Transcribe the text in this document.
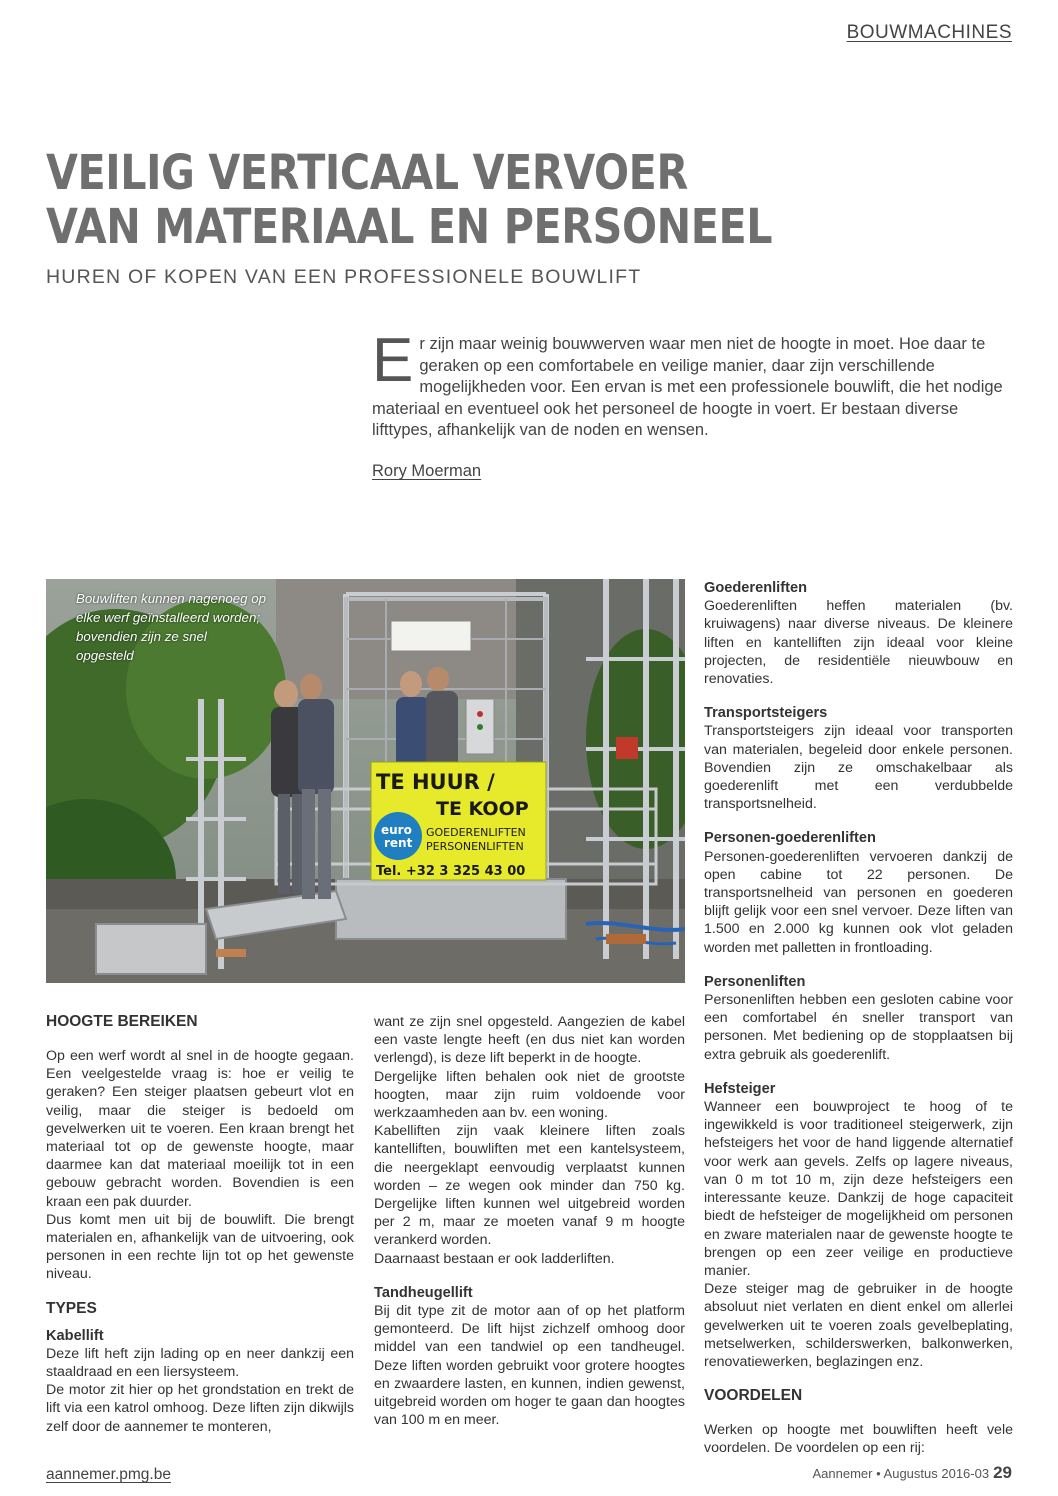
BOUWMACHINES
VEILIG VERTICAAL VERVOER
VAN MATERIAAL EN PERSONEEL
HUREN OF KOPEN VAN EEN PROFESSIONELE BOUWLIFT

Er zijn maar weinig bouwwerven waar men niet de hoogte in moet. Hoe daar te geraken op een comfortabele en veilige manier, daar zijn verschillende mogelijkheden voor. Een ervan is met een professionele bouwlift, die het nodige materiaal en eventueel ook het personeel de hoogte in voert. Er bestaan diverse lifttypes, afhankelijk van de noden en wensen.

Rory Moerman
TE HUUR /
TE KOOP
euro
rent
GOEDERENLIFTEN
PERSONENLIFTEN
Tel. +32 3 325 43 00
Bouwliften kunnen nagenoeg op elke werf geïnstalleerd worden; bovendien zijn ze snel opgesteld
HOOGTE BEREIKEN

Op een werf wordt al snel in de hoogte gegaan. Een veelgestelde vraag is: hoe er veilig te geraken? Een steiger plaatsen gebeurt vlot en veilig, maar die steiger is bedoeld om gevelwerken uit te voeren. Een kraan brengt het materiaal tot op de gewenste hoogte, maar daarmee kan dat materiaal moeilijk tot in een gebouw gebracht worden. Bovendien is een kraan een pak duurder.

Dus komt men uit bij de bouwlift. Die brengt materialen en, afhankelijk van de uitvoering, ook personen in een rechte lijn tot op het gewenste niveau.

TYPES
Kabellift

Deze lift heft zijn lading op en neer dankzij een staaldraad en een liersysteem.

De motor zit hier op het grondstation en trekt de lift via een katrol omhoog. Deze liften zijn dikwijls zelf door de aannemer te monteren,

want ze zijn snel opgesteld. Aangezien de kabel een vaste lengte heeft (en dus niet kan worden verlengd), is deze lift beperkt in de hoogte.

Dergelijke liften behalen ook niet de grootste hoogten, maar zijn ruim voldoende voor werkzaamheden aan bv. een woning.

Kabelliften zijn vaak kleinere liften zoals kantelliften, bouwliften met een kantelsysteem, die neergeklapt eenvoudig verplaatst kunnen worden – ze wegen ook minder dan 750 kg. Dergelijke liften kunnen wel uitgebreid worden per 2 m, maar ze moeten vanaf 9 m hoogte verankerd worden.

Daarnaast bestaan er ook ladderliften.

Tandheugellift

Bij dit type zit de motor aan of op het platform gemonteerd. De lift hijst zichzelf omhoog door middel van een tandwiel op een tandheugel. Deze liften worden gebruikt voor grotere hoogtes en zwaardere lasten, en kunnen, indien gewenst, uitgebreid worden om hoger te gaan dan hoogtes van 100 m en meer.

Goederenliften

Goederenliften heffen materialen (bv. kruiwagens) naar diverse niveaus. De kleinere liften en kantelliften zijn ideaal voor kleine projecten, de residentiële nieuwbouw en renovaties.

Transportsteigers

Transportsteigers zijn ideaal voor transporten van materialen, begeleid door enkele personen. Bovendien zijn ze omschakelbaar als goederenlift met een verdubbelde transportsnelheid.

Personen-goederenliften

Personen-goederenliften vervoeren dankzij de open cabine tot 22 personen. De transportsnelheid van personen en goederen blijft gelijk voor een snel vervoer. Deze liften van 1.500 en 2.000 kg kunnen ook vlot geladen worden met palletten in frontloading.

Personenliften

Personenliften hebben een gesloten cabine voor een comfortabel én sneller transport van personen. Met bediening op de stopplaatsen bij extra gebruik als goederenlift.

Hefsteiger

Wanneer een bouwproject te hoog of te ingewikkeld is voor traditioneel steigerwerk, zijn hefsteigers het voor de hand liggende alternatief voor werk aan gevels. Zelfs op lagere niveaus, van 0 m tot 10 m, zijn deze hefsteigers een interessante keuze. Dankzij de hoge capaciteit biedt de hefsteiger de mogelijkheid om personen en zware materialen naar de gewenste hoogte te brengen op een zeer veilige en productieve manier.

Deze steiger mag de gebruiker in de hoogte absoluut niet verlaten en dient enkel om allerlei gevelwerken uit te voeren zoals gevelbeplating, metselwerken, schilderswerken, balkonwerken, renovatiewerken, beglazingen enz.

VOORDELEN

Werken op hoogte met bouwliften heeft vele voordelen. De voordelen op een rij:

aannemer.pmg.be	Aannemer • Augustus 2016-03 29
